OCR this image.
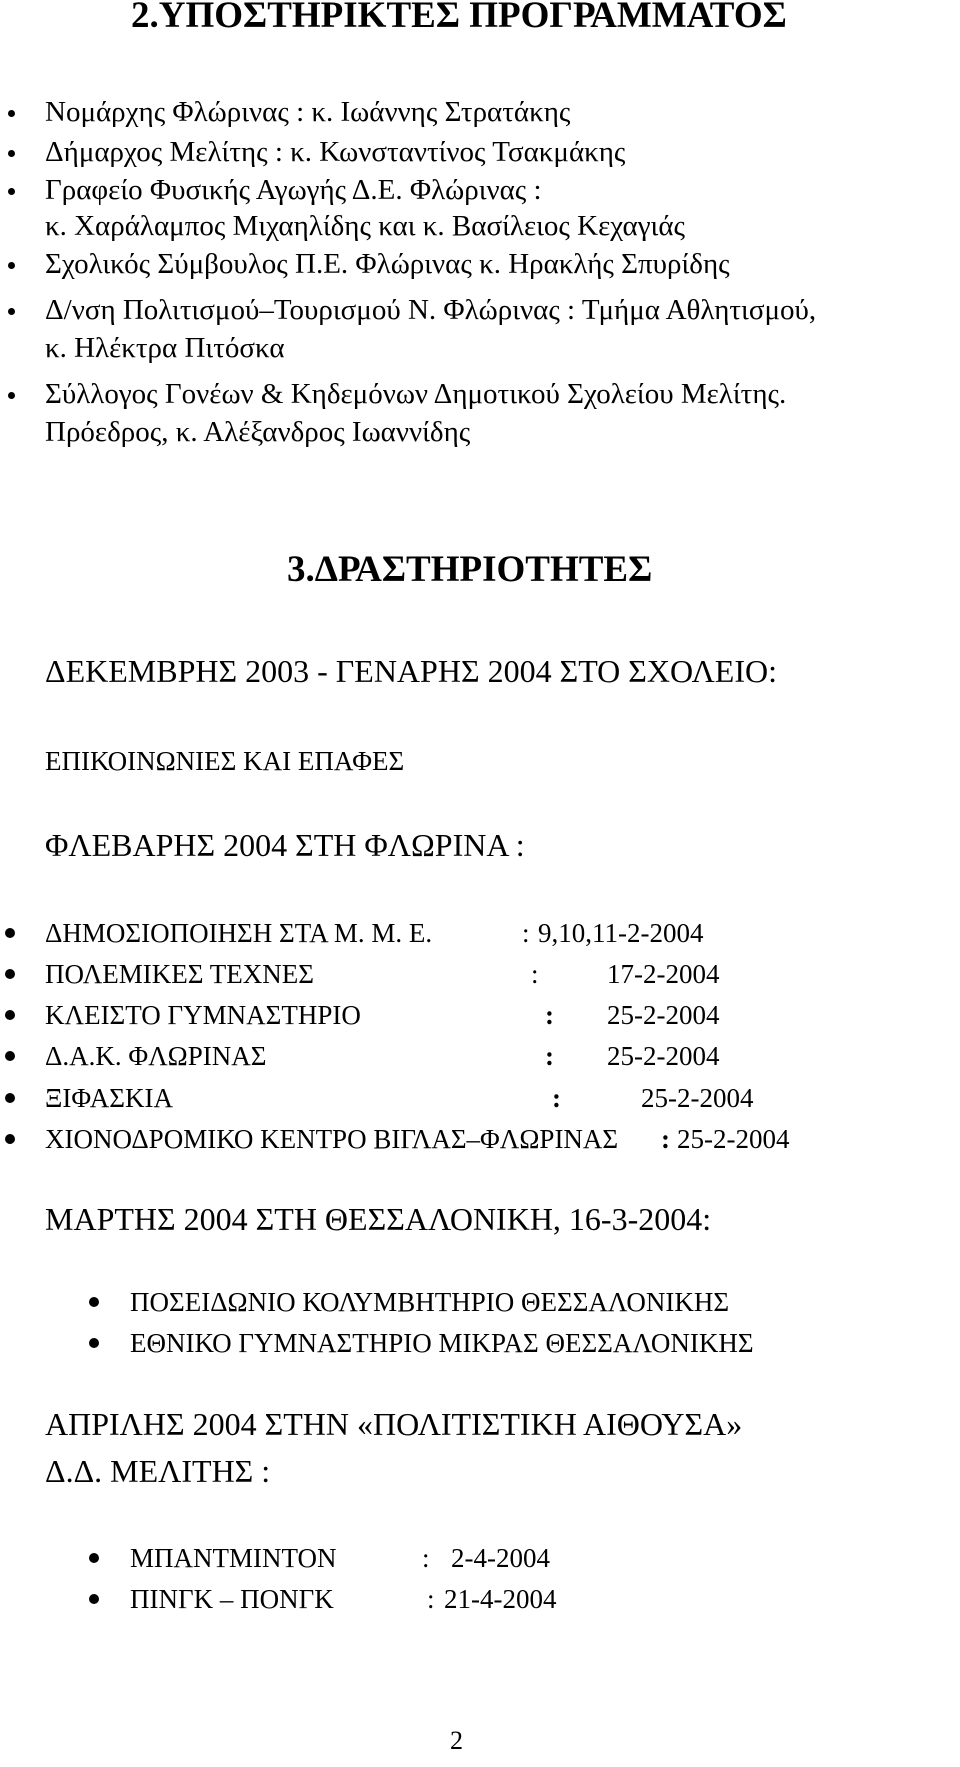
2.ΥΠΟΣΤΗΡΙΚΤΕΣ ΠΡΟΓΡΑΜΜΑΤΟΣ
Νομάρχης Φλώρινας : κ. Ιωάννης Στρατάκης
Δήμαρχος Μελίτης : κ. Κωνσταντίνος Τσακμάκης
Γραφείο Φυσικής Αγωγής Δ.Ε. Φλώρινας :
κ. Χαράλαμπος Μιχαηλίδης και κ. Βασίλειος Κεχαγιάς
Σχολικός Σύμβουλος Π.Ε. Φλώρινας κ. Ηρακλής Σπυρίδης
Δ/νση Πολιτισμού–Τουρισμού Ν. Φλώρινας : Τμήμα Αθλητισμού,
κ. Ηλέκτρα Πιτόσκα
Σύλλογος Γονέων & Κηδεμόνων Δημοτικού Σχολείου Μελίτης.
Πρόεδρος, κ. Αλέξανδρος Ιωαννίδης
3.ΔΡΑΣΤΗΡΙΟΤΗΤΕΣ
ΔΕΚΕΜΒΡΗΣ 2003 - ΓΕΝΑΡΗΣ 2004 ΣΤΟ ΣΧΟΛΕΙΟ:
ΕΠΙΚΟΙΝΩΝΙΕΣ ΚΑΙ ΕΠΑΦΕΣ
ΦΛΕΒΑΡΗΣ 2004 ΣΤΗ ΦΛΩΡΙΝΑ :
ΔΗΜΟΣΙΟΠΟΙΗΣΗ ΣΤΑ Μ. Μ. Ε.	: 9,10,11-2-2004
ΠΟΛΕΜΙΚΕΣ ΤΕΧΝΕΣ	:	17-2-2004
ΚΛΕΙΣΤΟ ΓΥΜΝΑΣΤΗΡΙΟ	: 25-2-2004
Δ.Α.Κ. ΦΛΩΡΙΝΑΣ	: 25-2-2004
ΞΙΦΑΣΚΙΑ	:	25-2-2004
ΧΙΟΝΟΔΡΟΜΙΚΟ ΚΕΝΤΡΟ ΒΙΓΛΑΣ–ΦΛΩΡΙΝΑΣ : 25-2-2004
ΜΑΡΤΗΣ 2004 ΣΤΗ ΘΕΣΣΑΛΟΝΙΚΗ, 16-3-2004:
ΠΟΣΕΙΔΩΝΙΟ ΚΟΛΥΜΒΗΤΗΡΙΟ ΘΕΣΣΑΛΟΝΙΚΗΣ
ΕΘΝΙΚΟ ΓΥΜΝΑΣΤΗΡΙΟ ΜΙΚΡΑΣ ΘΕΣΣΑΛΟΝΙΚΗΣ
ΑΠΡΙΛΗΣ 2004 ΣΤΗΝ «ΠΟΛΙΤΙΣΤΙΚΗ ΑΙΘΟΥΣΑ»
Δ.Δ. ΜΕΛΙΤΗΣ :
ΜΠΑΝΤΜΙΝΤΟΝ	: 2-4-2004
ΠΙΝΓΚ – ΠΟΝΓΚ	: 21-4-2004
2
